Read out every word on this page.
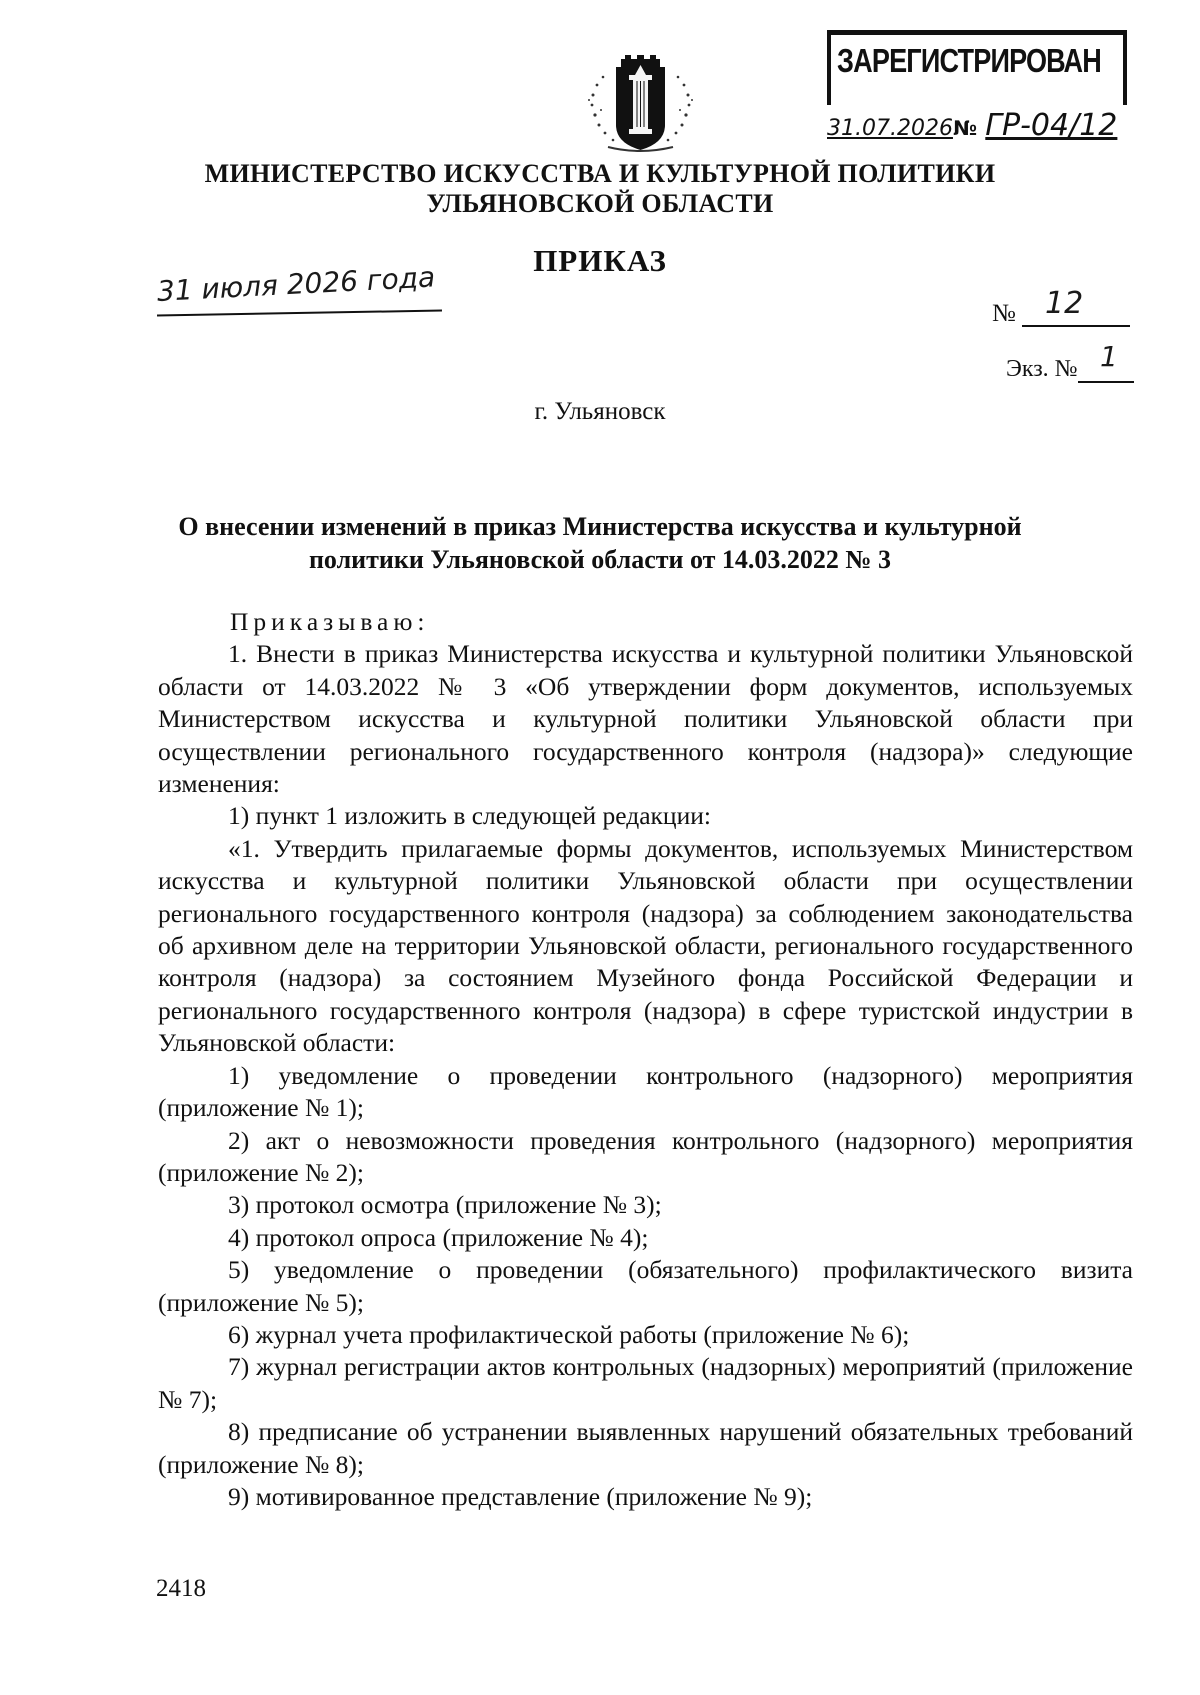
ЗАРЕГИСТРИРОВАН
31.07.2026№ ГР-04/12
МИНИСТЕРСТВО ИСКУССТВА И КУЛЬТУРНОЙ ПОЛИТИКИ
УЛЬЯНОВСКОЙ ОБЛАСТИ
ПРИКАЗ
31 июля 2026 года
№ 12
Экз. № 1
г. Ульяновск
О внесении изменений в приказ Министерства искусства и культурной
политики Ульяновской области от 14.03.2022 № 3

Приказываю:

1. Внести в приказ Министерства искусства и культурной политики Ульяновской области от 14.03.2022 № 3 «Об утверждении форм документов, используемых Министерством искусства и культурной политики Ульяновской области при осуществлении регионального государственного контроля (надзора)» следующие изменения:

1) пункт 1 изложить в следующей редакции:

«1. Утвердить прилагаемые формы документов, используемых Министерством искусства и культурной политики Ульяновской области при осуществлении регионального государственного контроля (надзора) за соблюдением законодательства об архивном деле на территории Ульяновской области, регионального государственного контроля (надзора) за состоянием Музейного фонда Российской Федерации и регионального государственного контроля (надзора) в сфере туристской индустрии в Ульяновской области:

1) уведомление о проведении контрольного (надзорного) мероприятия (приложение № 1);

2) акт о невозможности проведения контрольного (надзорного) мероприятия (приложение № 2);

3) протокол осмотра (приложение № 3);

4) протокол опроса (приложение № 4);

5) уведомление о проведении (обязательного) профилактического визита (приложение № 5);

6) журнал учета профилактической работы (приложение № 6);

7) журнал регистрации актов контрольных (надзорных) мероприятий (приложение № 7);

8) предписание об устранении выявленных нарушений обязательных требований (приложение № 8);

9) мотивированное представление (приложение № 9);

2418
